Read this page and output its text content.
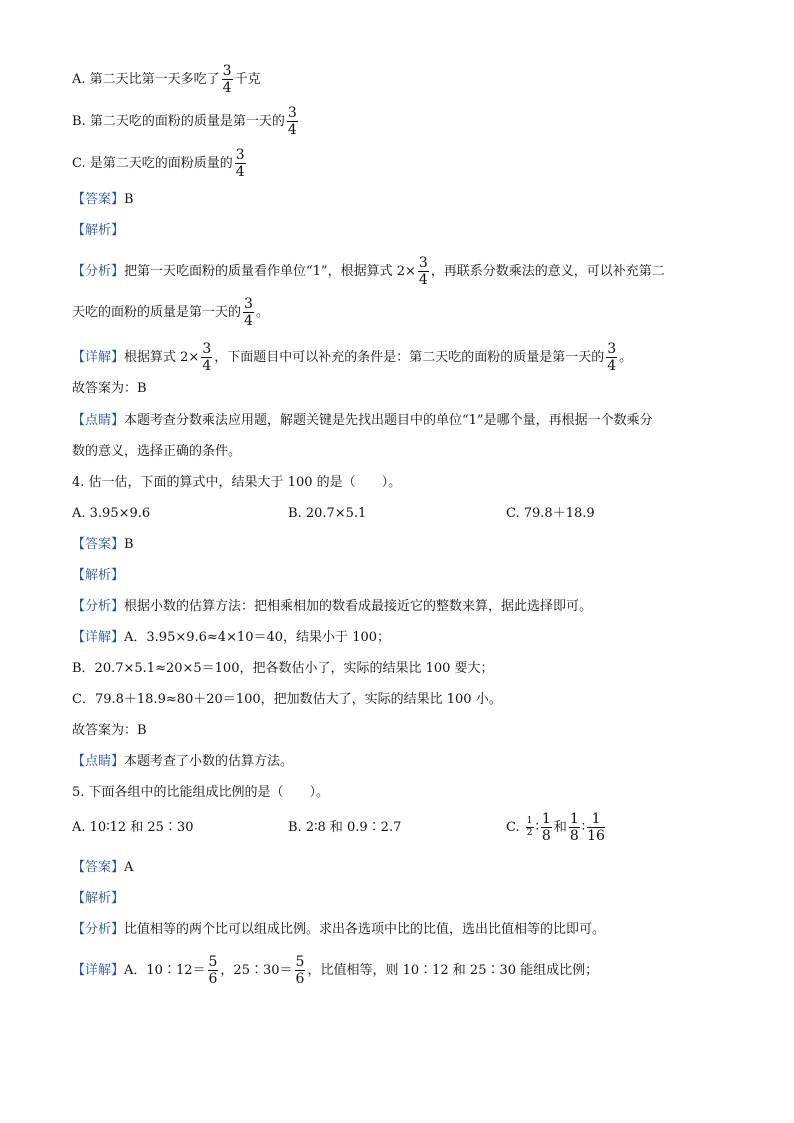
A. 第二天比第一天多吃了 $\frac{3}{4}$ 千克
B. 第二天吃的面粉的质量是第一天的 $\frac{3}{4}$
C. 是第二天吃的面粉质量的 $\frac{3}{4}$
【答案】B
【解析】
【分析】把第一天吃面粉的质量看作单位“1”，根据算式 $2\times \frac{3}{4}$ ，再联系分数乘法的意义，可以补充第二
天吃的面粉的质量是第一天的 $\frac{3}{4}$ 。
【详解】根据算式 $2\times \frac{3}{4}$ ，下面题目中可以补充的条件是：第二天吃的面粉的质量是第一天的 $\frac{3}{4}$ 。
故答案为：B
【点睛】本题考查分数乘法应用题，解题关键是先找出题目中的单位“1”是哪个量，再根据一个数乘分
数的意义，选择正确的条件。
4. 估一估，下面的算式中，结果大于 100 的是（　　）。
A. 3.95×9.6	B. 20.7×5.1	C. 79.8＋18.9
【答案】B
【解析】
【分析】根据小数的估算方法：把相乘相加的数看成最接近它的整数来算，据此选择即可。
【详解】A．3.95×9.6≈4×10＝40，结果小于 100；
B．20.7×5.1≈20×5＝100，把各数估小了，实际的结果比 100 要大；
C．79.8＋18.9≈80＋20＝100，把加数估大了，实际的结果比 100 小。
故答案为：B
【点睛】本题考查了小数的估算方法。
5. 下面各组中的比能组成比例的是（　　）。
A. 10∶12 和 25∶30	B. 2∶8 和 0.9∶2.7	C. $\frac{1}{2}$ ∶ $\frac{1}{8}$ 和 $\frac{1}{8}$ ∶ $\frac{1}{16}$
【答案】A
【解析】
【分析】比值相等的两个比可以组成比例。求出各选项中比的比值，选出比值相等的比即可。
【详解】A．10∶12＝ $\frac{5}{6}$ ，25∶30＝ $\frac{5}{6}$ ，比值相等，则 10∶12 和 25∶30 能组成比例；
